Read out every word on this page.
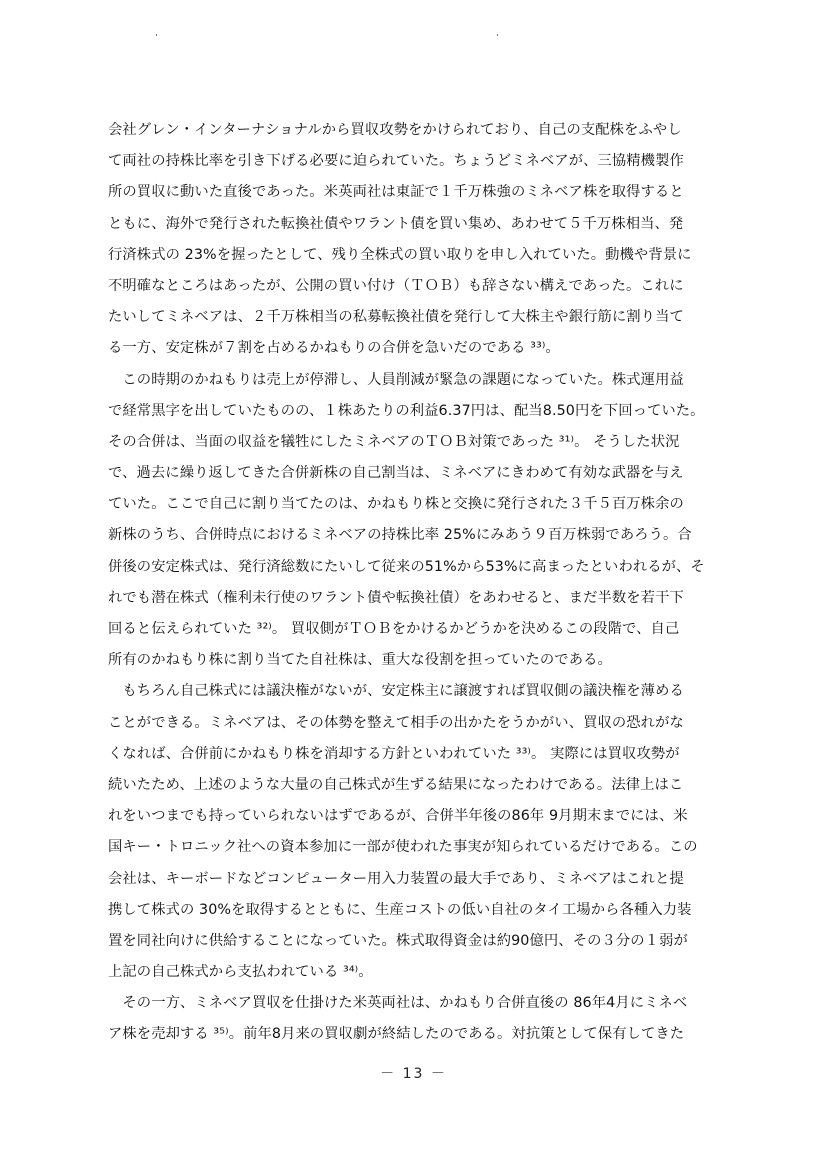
会社グレン・インターナショナルから買収攻勢をかけられており、自己の支配株をふやし
て両社の持株比率を引き下げる必要に迫られていた。ちょうどミネベアが、三協精機製作
所の買収に動いた直後であった。米英両社は東証で１千万株強のミネベア株を取得すると
ともに、海外で発行された転換社債やワラント債を買い集め、あわせて５千万株相当、発
行済株式の 23%を握ったとして、残り全株式の買い取りを申し入れていた。動機や背景に
不明確なところはあったが、公開の買い付け（ＴＯＢ）も辞さない構えであった。これに
たいしてミネベアは、２千万株相当の私募転換社債を発行して大株主や銀行筋に割り当て
る一方、安定株が７割を占めるかねもりの合併を急いだのである ³³⁾。
　この時期のかねもりは売上が停滞し、人員削減が緊急の課題になっていた。株式運用益
で経常黒字を出していたものの、１株あたりの利益6.37円は、配当8.50円を下回っていた。
その合併は、当面の収益を犠牲にしたミネベアのＴＯＢ対策であった ³¹⁾。 そうした状況
で、過去に繰り返してきた合併新株の自己割当は、ミネベアにきわめて有効な武器を与え
ていた。ここで自己に割り当てたのは、かねもり株と交換に発行された３千５百万株余の
新株のうち、合併時点におけるミネベアの持株比率 25%にみあう９百万株弱であろう。合
併後の安定株式は、発行済総数にたいして従来の51%から53%に高まったといわれるが、そ
れでも潜在株式（権利未行使のワラント債や転換社債）をあわせると、まだ半数を若干下
回ると伝えられていた ³²⁾。 買収側がＴＯＢをかけるかどうかを決めるこの段階で、自己
所有のかねもり株に割り当てた自社株は、重大な役割を担っていたのである。
　もちろん自己株式には議決権がないが、安定株主に譲渡すれば買収側の議決権を薄める
ことができる。ミネベアは、その体勢を整えて相手の出かたをうかがい、買収の恐れがな
くなれば、合併前にかねもり株を消却する方針といわれていた ³³⁾。 実際には買収攻勢が
続いたため、上述のような大量の自己株式が生ずる結果になったわけである。法律上はこ
れをいつまでも持っていられないはずであるが、合併半年後の86年 9月期末までには、米
国キー・トロニック社への資本参加に一部が使われた事実が知られているだけである。この
会社は、キーボードなどコンピューター用入力装置の最大手であり、ミネベアはこれと提
携して株式の 30%を取得するとともに、生産コストの低い自社のタイ工場から各種入力装
置を同社向けに供給することになっていた。株式取得資金は約90億円、その３分の１弱が
上記の自己株式から支払われている ³⁴⁾。
　その一方、ミネベア買収を仕掛けた米英両社は、かねもり合併直後の 86年4月にミネベ
ア株を売却する ³⁵⁾。前年8月来の買収劇が終結したのである。対抗策として保有してきた
－ 13 －
